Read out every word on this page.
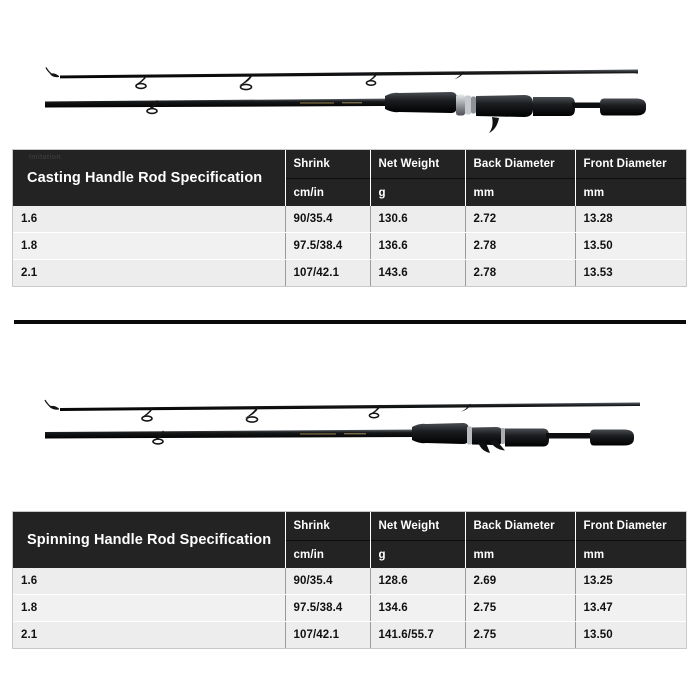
Imitation
Casting Handle Rod Specification	Shrink	Net Weight	Back Diameter	Front Diameter
	cm/in	g	mm	mm
1.6	90/35.4	130.6	2.72	13.28
1.8	97.5/38.4	136.6	2.78	13.50
2.1	107/42.1	143.6	2.78	13.53
Spinning Handle Rod Specification	Shrink	Net Weight	Back Diameter	Front Diameter
	cm/in	g	mm	mm
1.6	90/35.4	128.6	2.69	13.25
1.8	97.5/38.4	134.6	2.75	13.47
2.1	107/42.1	141.6/55.7	2.75	13.50
